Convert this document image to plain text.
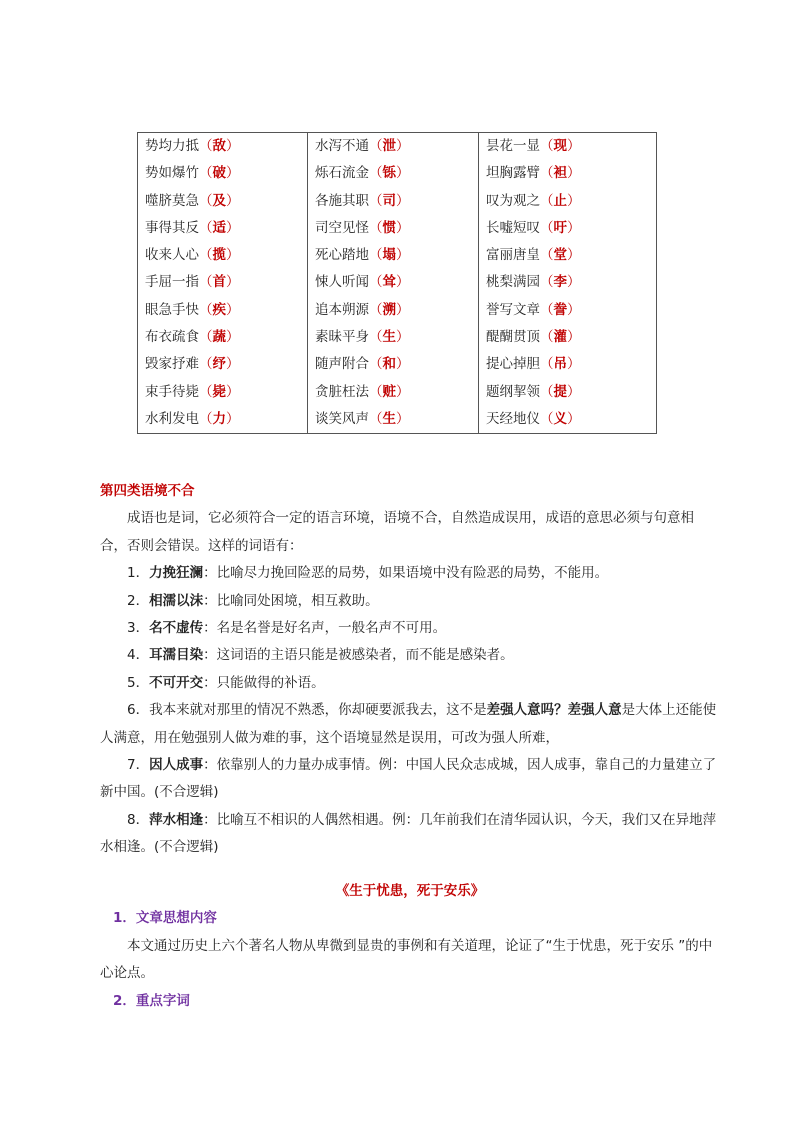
势均力抵（敌）	水泻不通（泄）	昙花一显（现）
势如爆竹（破）	烁石流金（铄）	坦胸露臂（袒）
噬脐莫急（及）	各施其职（司）	叹为观之（止）
事得其反（适）	司空见怪（惯）	长嘘短叹（吁）
收来人心（揽）	死心踏地（塌）	富丽唐皇（堂）
手屈一指（首）	悚人听闻（耸）	桃梨满园（李）
眼急手快（疾）	追本朔源（溯）	誉写文章（誊）
布衣疏食（蔬）	素昧平身（生）	醍醐贯顶（灌）
毁家抒难（纾）	随声附合（和）	提心掉胆（吊）
束手待毙（毙）	贪脏枉法（赃）	题纲挈领（提）
水利发电（力）	谈笑风声（生）	天经地仪（义）
第四类语境不合

成语也是词，它必须符合一定的语言环境，语境不合，自然造成误用，成语的意思必须与句意相合，否则会错误。这样的词语有：

1．力挽狂澜：比喻尽力挽回险恶的局势，如果语境中没有险恶的局势，不能用。

2．相濡以沫：比喻同处困境，相互救助。

3．名不虚传：名是名誉是好名声，一般名声不可用。

4．耳濡目染：这词语的主语只能是被感染者，而不能是感染者。

5．不可开交：只能做得的补语。

6．我本来就对那里的情况不熟悉，你却硬要派我去，这不是差强人意吗？差强人意是大体上还能使人满意，用在勉强别人做为难的事，这个语境显然是误用，可改为强人所难，

7．因人成事：依靠别人的力量办成事情。例：中国人民众志成城，因人成事，靠自己的力量建立了新中国。(不合逻辑)

8．萍水相逢：比喻互不相识的人偶然相遇。例：几年前我们在清华园认识，今天，我们又在异地萍水相逢。(不合逻辑)

《生于忧患，死于安乐》
1．文章思想内容

本文通过历史上六个著名人物从卑微到显贵的事例和有关道理，论证了“生于忧患，死于安乐 ”的中心论点。

2．重点字词
